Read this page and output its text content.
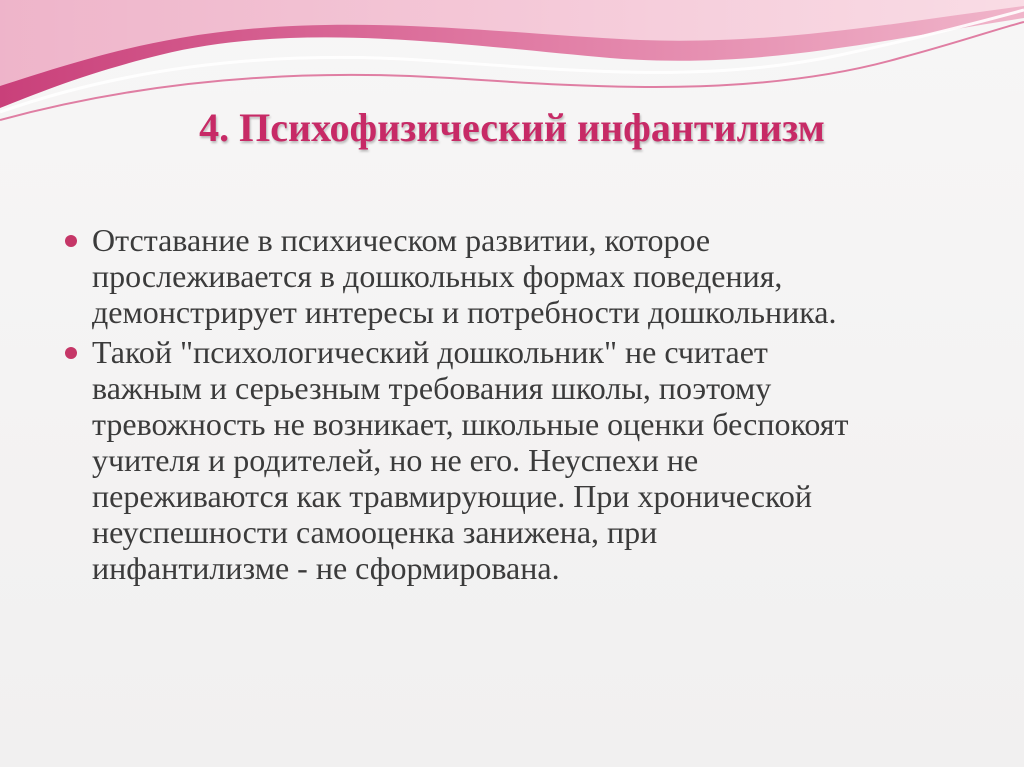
4. Психофизический инфантилизм
Отставание в психическом развитии, которое
прослеживается в дошкольных формах поведения,
демонстрирует интересы и потребности дошкольника.
Такой "психологический дошкольник" не считает
важным и серьезным требования школы, поэтому
тревожность не возникает, школьные оценки беспокоят
учителя и родителей, но не его. Неуспехи не
переживаются как травмирующие. При хронической
неуспешности самооценка занижена, при
инфантилизме - не сформирована.
